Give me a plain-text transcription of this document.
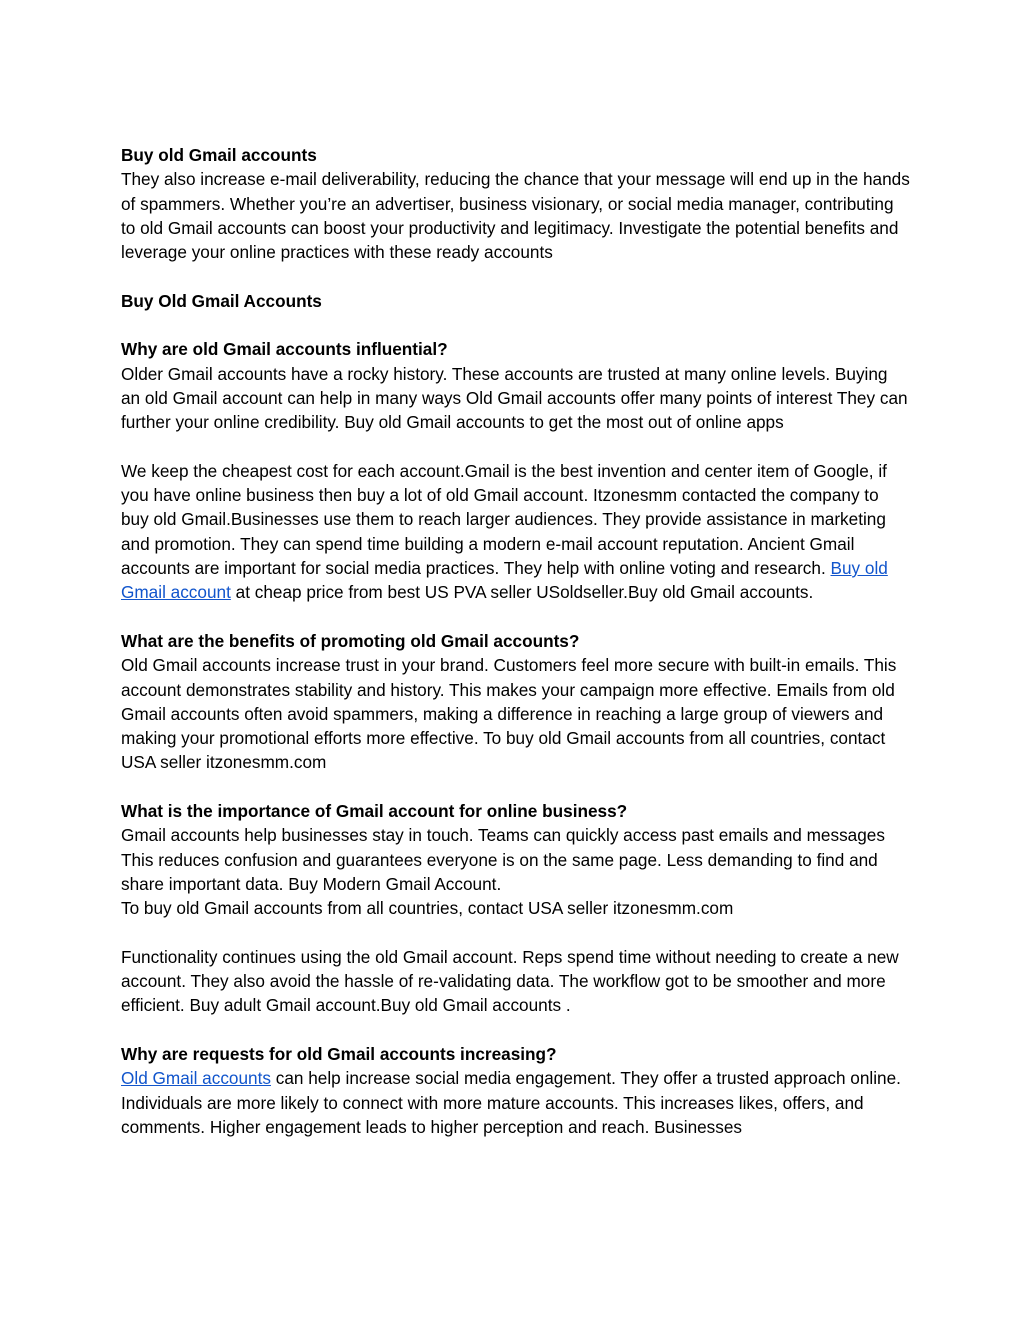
Buy old Gmail accounts

They also increase e-mail deliverability, reducing the chance that your message will end up in the hands of spammers. Whether you’re an advertiser, business visionary, or social media manager, contributing to old Gmail accounts can boost your productivity and legitimacy. Investigate the potential benefits and leverage your online practices with these ready accounts

Buy Old Gmail Accounts

Why are old Gmail accounts influential?

Older Gmail accounts have a rocky history. These accounts are trusted at many online levels. Buying an old Gmail account can help in many ways Old Gmail accounts offer many points of interest They can further your online credibility. Buy old Gmail accounts to get the most out of online apps

We keep the cheapest cost for each account.Gmail is the best invention and center item of Google, if you have online business then buy a lot of old Gmail account. Itzonesmm contacted the company to buy old Gmail.Businesses use them to reach larger audiences. They provide assistance in marketing and promotion. They can spend time building a modern e-mail account reputation. Ancient Gmail accounts are important for social media practices. They help with online voting and research. Buy old Gmail account at cheap price from best US PVA seller USoldseller.Buy old Gmail accounts.

What are the benefits of promoting old Gmail accounts?

Old Gmail accounts increase trust in your brand. Customers feel more secure with built-in emails. This account demonstrates stability and history. This makes your campaign more effective. Emails from old Gmail accounts often avoid spammers, making a difference in reaching a large group of viewers and making your promotional efforts more effective. To buy old Gmail accounts from all countries, contact USA seller itzonesmm.com

What is the importance of Gmail account for online business?

Gmail accounts help businesses stay in touch. Teams can quickly access past emails and messages This reduces confusion and guarantees everyone is on the same page. Less demanding to find and share important data. Buy Modern Gmail Account.

To buy old Gmail accounts from all countries, contact USA seller itzonesmm.com

Functionality continues using the old Gmail account. Reps spend time without needing to create a new account. They also avoid the hassle of re-validating data. The workflow got to be smoother and more efficient. Buy adult Gmail account.Buy old Gmail accounts .

Why are requests for old Gmail accounts increasing?

Old Gmail accounts can help increase social media engagement. They offer a trusted approach online. Individuals are more likely to connect with more mature accounts. This increases likes, offers, and comments. Higher engagement leads to higher perception and reach. Businesses
